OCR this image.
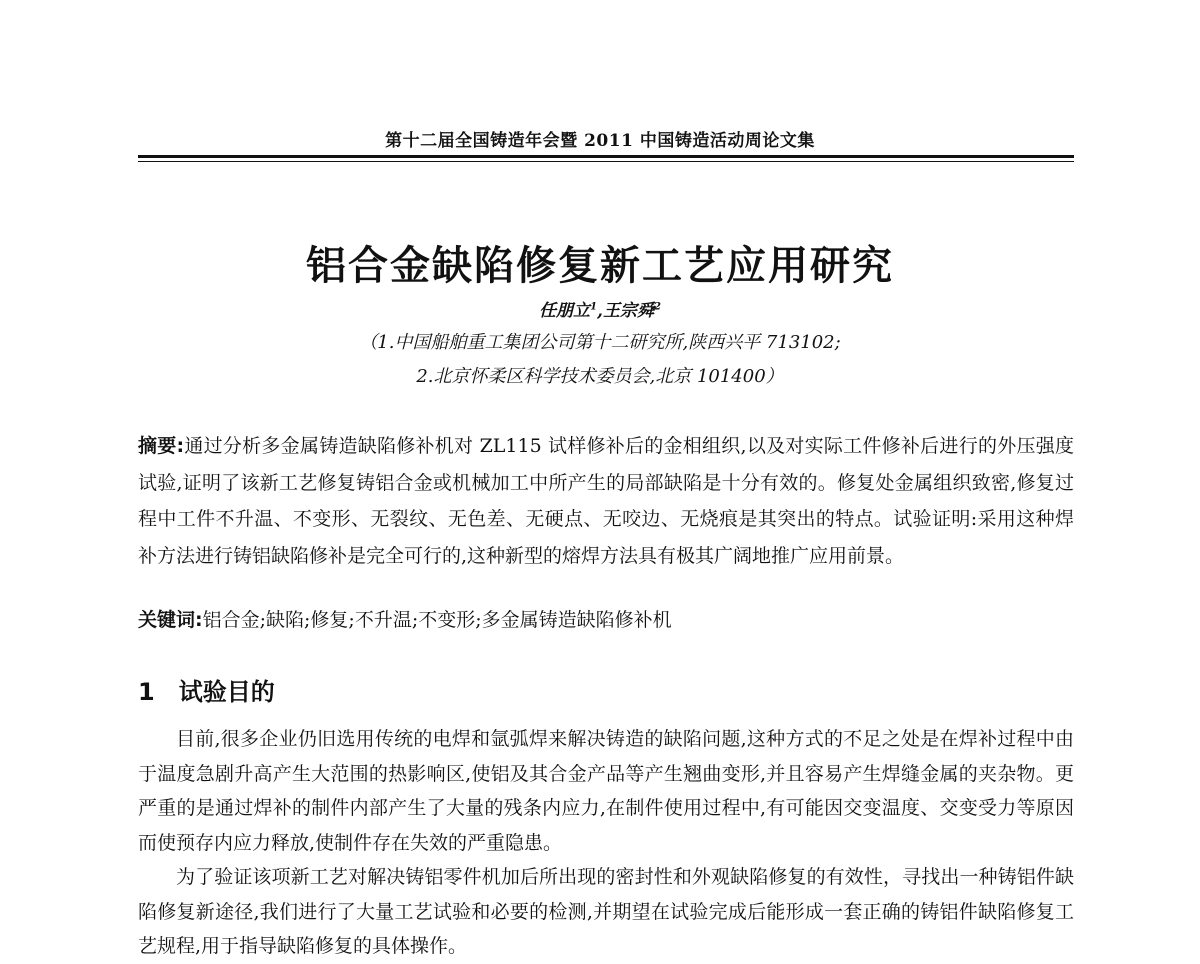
第十二届全国铸造年会暨 2011 中国铸造活动周论文集
铝合金缺陷修复新工艺应用研究
任朋立$^1$,王宗舜$^2$
（1.中国船舶重工集团公司第十二研究所,陕西兴平 713102;
2.北京怀柔区科学技术委员会,北京 101400）
摘要:通过分析多金属铸造缺陷修补机对 ZL115 试样修补后的金相组织,以及对实际工件修补后进行的外压强度试验,证明了该新工艺修复铸铝合金或机械加工中所产生的局部缺陷是十分有效的。修复处金属组织致密,修复过程中工件不升温、不变形、无裂纹、无色差、无硬点、无咬边、无烧痕是其突出的特点。试验证明:采用这种焊补方法进行铸铝缺陷修补是完全可行的,这种新型的熔焊方法具有极其广阔地推广应用前景。
关键词:铝合金;缺陷;修复;不升温;不变形;多金属铸造缺陷修补机
1 试验目的

目前,很多企业仍旧选用传统的电焊和氩弧焊来解决铸造的缺陷问题,这种方式的不足之处是在焊补过程中由于温度急剧升高产生大范围的热影响区,使铝及其合金产品等产生翘曲变形,并且容易产生焊缝金属的夹杂物。更严重的是通过焊补的制件内部产生了大量的残条内应力,在制件使用过程中,有可能因交变温度、交变受力等原因而使预存内应力释放,使制件存在失效的严重隐患。

为了验证该项新工艺对解决铸铝零件机加后所出现的密封性和外观缺陷修复的有效性，寻找出一种铸铝件缺陷修复新途径,我们进行了大量工艺试验和必要的检测,并期望在试验完成后能形成一套正确的铸铝件缺陷修复工艺规程,用于指导缺陷修复的具体操作。
